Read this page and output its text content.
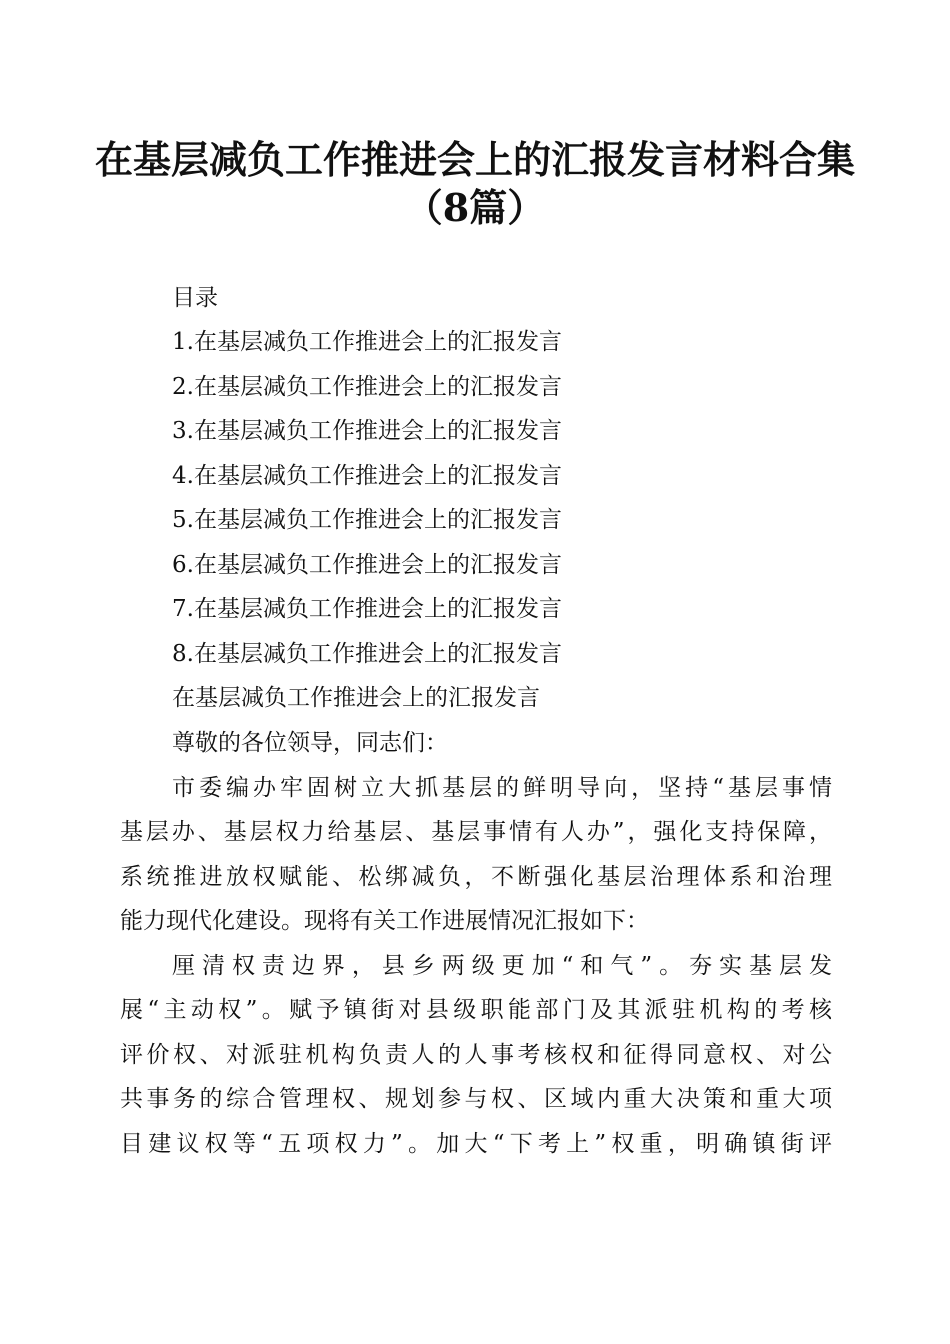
在基层减负工作推进会上的汇报发言材料合集
（8篇）

目录

1.在基层减负工作推进会上的汇报发言

2.在基层减负工作推进会上的汇报发言

3.在基层减负工作推进会上的汇报发言

4.在基层减负工作推进会上的汇报发言

5.在基层减负工作推进会上的汇报发言

6.在基层减负工作推进会上的汇报发言

7.在基层减负工作推进会上的汇报发言

8.在基层减负工作推进会上的汇报发言

在基层减负工作推进会上的汇报发言

尊敬的各位领导，同志们：

市委编办牢固树立大抓基层的鲜明导向，坚持“基层事情

基层办、基层权力给基层、基层事情有人办”，强化支持保障，

系统推进放权赋能、松绑减负，不断强化基层治理体系和治理

能力现代化建设。现将有关工作进展情况汇报如下：

厘清权责边界，县乡两级更加“和气”。夯实基层发

展“主动权”。赋予镇街对县级职能部门及其派驻机构的考核

评价权、对派驻机构负责人的人事考核权和征得同意权、对公

共事务的综合管理权、规划参与权、区域内重大决策和重大项

目建议权等“五项权力”。加大“下考上”权重，明确镇街评
